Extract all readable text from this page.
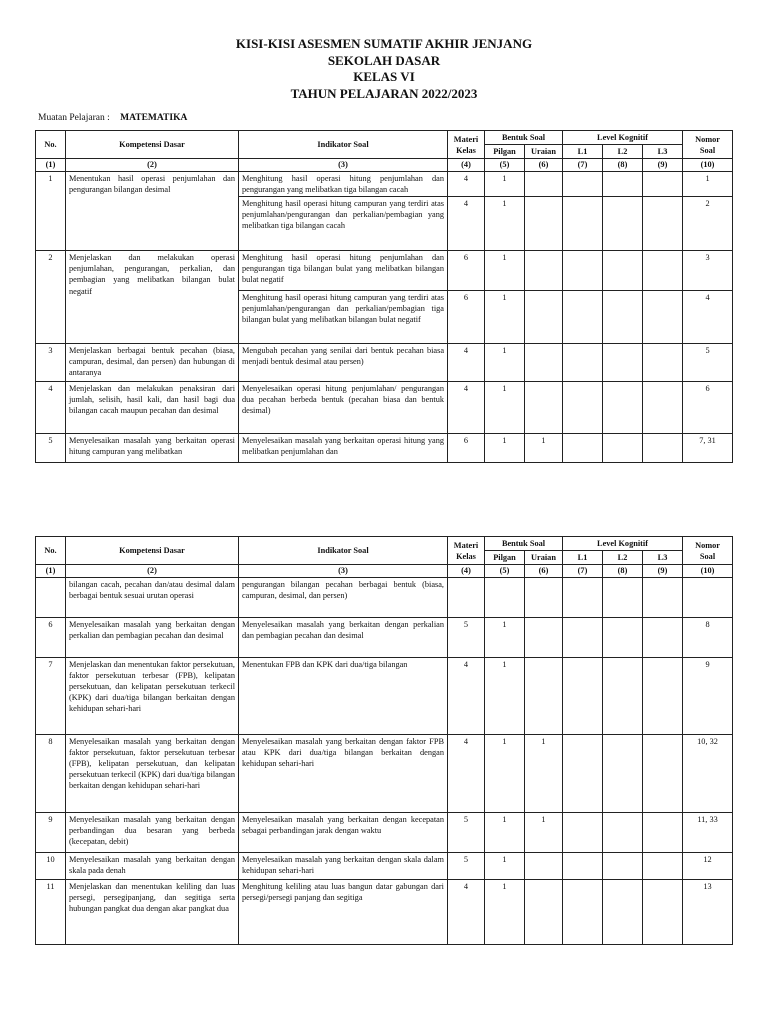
KISI-KISI ASESMEN SUMATIF AKHIR JENJANG
SEKOLAH DASAR
KELAS VI
TAHUN PELAJARAN 2022/2023
Muatan Pelajaran : MATEMATIKA
No.	Kompetensi Dasar	Indikator Soal	Materi
Kelas	Bentuk Soal		Level Kognitif			Nomor
Soal
				Pilgan	Uraian	L1	L2	L3	
(1)	(2)	(3)	(4)	(5)	(6)	(7)	(8)	(9)	(10)
1	Menentukan hasil operasi penjumlahan dan pengurangan bilangan desimal	Menghitung hasil operasi hitung penjumlahan dan pengurangan yang melibatkan tiga bilangan cacah	4	1					1
		Menghitung hasil operasi hitung campuran yang terdiri atas penjumlahan/pengurangan dan perkalian/pembagian yang melibatkan tiga bilangan cacah	4	1					2
2	Menjelaskan dan melakukan operasi penjumlahan, pengurangan, perkalian, dan pembagian yang melibatkan bilangan bulat negatif	Menghitung hasil operasi hitung penjumlahan dan pengurangan tiga bilangan bulat yang melibatkan bilangan bulat negatif	6	1					3
		Menghitung hasil operasi hitung campuran yang terdiri atas penjumlahan/pengurangan dan perkalian/pembagian tiga bilangan bulat yang melibatkan bilangan bulat negatif	6	1					4
3	Menjelaskan berbagai bentuk pecahan (biasa, campuran, desimal, dan persen) dan hubungan di antaranya	Mengubah pecahan yang senilai dari bentuk pecahan biasa menjadi bentuk desimal atau persen)	4	1					5
4	Menjelaskan dan melakukan penaksiran dari jumlah, selisih, hasil kali, dan hasil bagi dua bilangan cacah maupun pecahan dan desimal	Menyelesaikan operasi hitung penjumlahan/ pengurangan dua pecahan berbeda bentuk (pecahan biasa dan bentuk desimal)	4	1					6
5	Menyelesaikan masalah yang berkaitan operasi hitung campuran yang melibatkan	Menyelesaikan masalah yang berkaitan operasi hitung yang melibatkan penjumlahan dan	6	1	1				7, 31
No.	Kompetensi Dasar	Indikator Soal	Materi
Kelas	Bentuk Soal		Level Kognitif			Nomor
Soal
				Pilgan	Uraian	L1	L2	L3	
(1)	(2)	(3)	(4)	(5)	(6)	(7)	(8)	(9)	(10)
	bilangan cacah, pecahan dan/atau desimal dalam berbagai bentuk sesuai urutan operasi	pengurangan bilangan pecahan berbagai bentuk (biasa, campuran, desimal, dan persen)							
6	Menyelesaikan masalah yang berkaitan dengan perkalian dan pembagian pecahan dan desimal	Menyelesaikan masalah yang berkaitan dengan perkalian dan pembagian pecahan dan desimal	5	1					8
7	Menjelaskan dan menentukan faktor persekutuan, faktor persekutuan terbesar (FPB), kelipatan persekutuan, dan kelipatan persekutuan terkecil (KPK) dari dua/tiga bilangan berkaitan dengan kehidupan sehari-hari	Menentukan FPB dan KPK dari dua/tiga bilangan	4	1					9
8	Menyelesaikan masalah yang berkaitan dengan faktor persekutuan, faktor persekutuan terbesar (FPB), kelipatan persekutuan, dan kelipatan persekutuan terkecil (KPK) dari dua/tiga bilangan berkaitan dengan kehidupan sehari-hari	Menyelesaikan masalah yang berkaitan dengan faktor FPB atau KPK dari dua/tiga bilangan berkaitan dengan kehidupan sehari-hari	4	1	1				10, 32
9	Menyelesaikan masalah yang berkaitan dengan perbandingan dua besaran yang berbeda (kecepatan, debit)	Menyelesaikan masalah yang berkaitan dengan kecepatan sebagai perbandingan jarak dengan waktu	5	1	1				11, 33
10	Menyelesaikan masalah yang berkaitan dengan skala pada denah	Menyelesaikan masalah yang berkaitan dengan skala dalam kehidupan sehari-hari	5	1					12
11	Menjelaskan dan menentukan keliling dan luas persegi, persegipanjang, dan segitiga serta hubungan pangkat dua dengan akar pangkat dua	Menghitung keliling atau luas bangun datar gabungan dari persegi/persegi panjang dan segitiga	4	1					13
